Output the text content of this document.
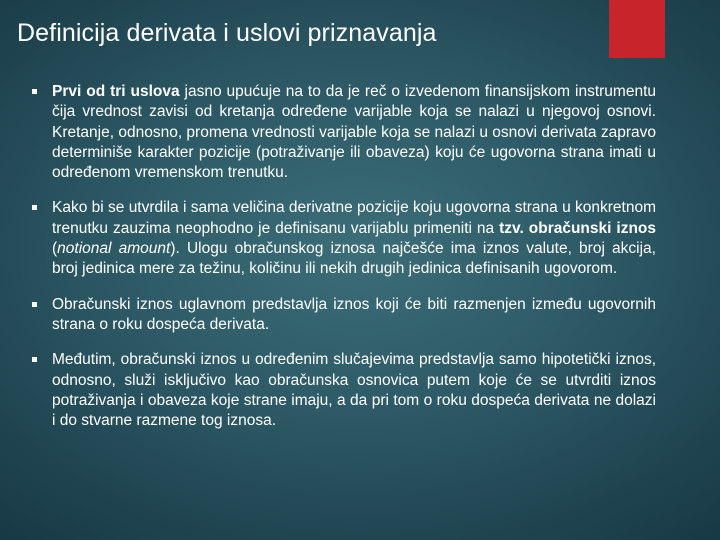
Definicija derivata i uslovi priznavanja
Prvi od tri uslova jasno upućuje na to da je reč o izvedenom finansijskom instrumentu čija vrednost zavisi od kretanja određene varijable koja se nalazi u njegovoj osnovi. Kretanje, odnosno, promena vrednosti varijable koja se nalazi u osnovi derivata zapravo determiniše karakter pozicije (potraživanje ili obaveza) koju će ugovorna strana imati u određenom vremenskom trenutku.
Kako bi se utvrdila i sama veličina derivatne pozicije koju ugovorna strana u konkretnom trenutku zauzima neophodno je definisanu varijablu primeniti na tzv. obračunski iznos (notional amount). Ulogu obračunskog iznosa najčešće ima iznos valute, broj akcija, broj jedinica mere za težinu, količinu ili nekih drugih jedinica definisanih ugovorom.
Obračunski iznos uglavnom predstavlja iznos koji će biti razmenjen između ugovornih strana o roku dospeća derivata.
Međutim, obračunski iznos u određenim slučajevima predstavlja samo hipotetički iznos, odnosno, služi isključivo kao obračunska osnovica putem koje će se utvrditi iznos potraživanja i obaveza koje strane imaju, a da pri tom o roku dospeća derivata ne dolazi i do stvarne razmene tog iznosa.
